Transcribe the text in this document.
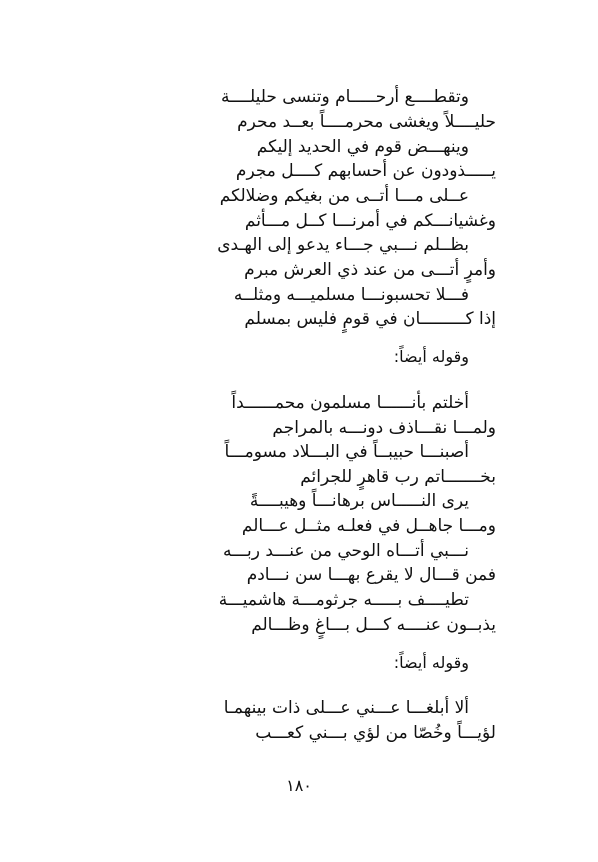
وتقطــــع أرحـــــام وتنسى حليلــــة
حليــــلاً ويغشى محرمــــاً بعــد محرم
وينهـــض قوم في الحديد إليكم
يـــــذودون عن أحسابهم كــــل مجرم
عــلى مـــا أتــى من بغيكم وضلالكم
وغشيانـــكم في أمرنـــا كــل مـــأثم
بظــلم نـــبي جـــاء يدعو إلى الهـدى
وأمرٍ أتـــى من عند ذي العرش مبرم
فـــلا تحسبونـــا مسلميـــه ومثلــه
إذا كـــــــــان في قومٍ فليس بمسلم
وقوله أيضاً:
أخلتم بأنــــــا مسلمون محمــــــداً
ولمـــا نقـــاذف دونـــه بالمراجم
أصبنـــا حبيبــاً في البـــلاد مسومـــاً
بخـــــــاتم رب قاهرٍ للجرائم
يرى النـــــاس برهانـــاً وهيبــــةً
ومـــا جاهــل في فعلـه مثــل عـــالم
نـــبي أتـــاه الوحي من عنـــد ربـــه
فمن قـــال لا يقرع بهـــا سن نـــادم
تطيــــف بـــــه جرثومـــة هاشميـــة
يذبــون عنــــه كـــل بـــاغٍ وظـــالم
وقوله أيضاً:
ألا أبلغـــا عـــني عـــلى ذات بينهمـا
لؤيـــاً وخُصّا من لؤي بـــني كعـــب
١٨٠
